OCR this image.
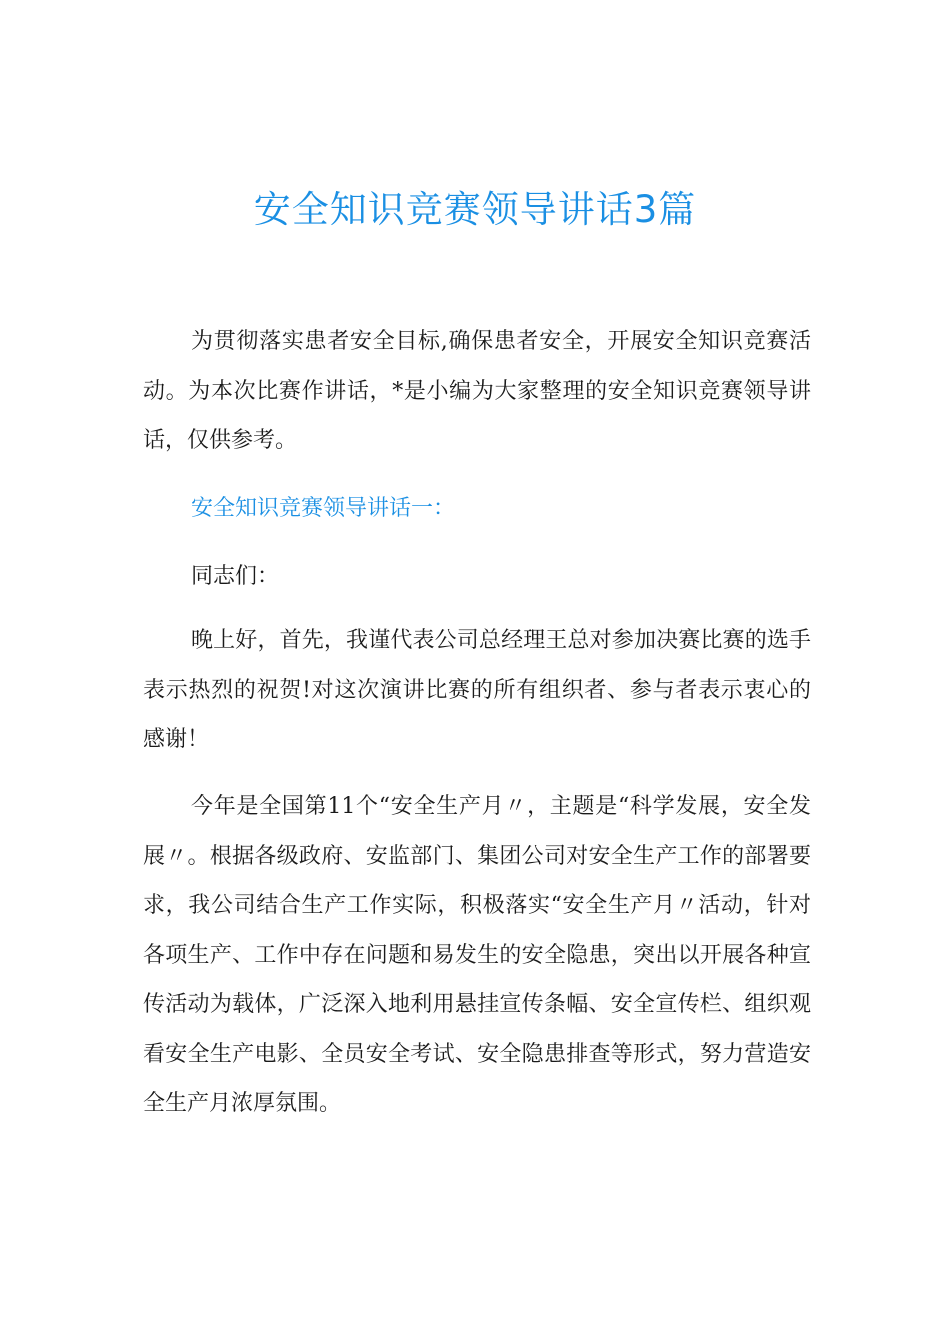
安全知识竞赛领导讲话3篇

为贯彻落实患者安全目标,确保患者安全，开展安全知识竞赛活动。为本次比赛作讲话，*是小编为大家整理的安全知识竞赛领导讲话，仅供参考。

安全知识竞赛领导讲话一：

同志们：

晚上好，首先，我谨代表公司总经理王总对参加决赛比赛的选手表示热烈的祝贺!对这次演讲比赛的所有组织者、参与者表示衷心的感谢！

今年是全国第11个“安全生产月〃，主题是“科学发展，安全发展〃。根据各级政府、安监部门、集团公司对安全生产工作的部署要求，我公司结合生产工作实际，积极落实“安全生产月〃活动，针对各项生产、工作中存在问题和易发生的安全隐患，突出以开展各种宣传活动为载体，广泛深入地利用悬挂宣传条幅、安全宣传栏、组织观看安全生产电影、全员安全考试、安全隐患排查等形式，努力营造安全生产月浓厚氛围。
